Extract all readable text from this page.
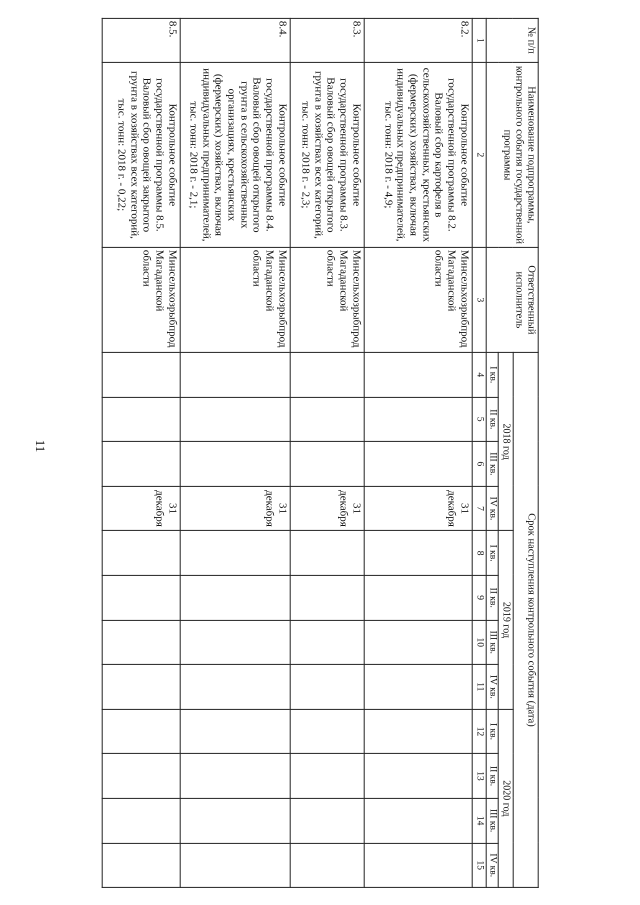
11
№ п/п	Наименование подпрограммы, контрольного события государственной программы	Ответственный исполнитель	Срок наступления контрольного события (дата)											
			2018 год				2019 год				2020 год			
			I кв.	II кв.	III кв.	IV кв.	I кв.	II кв.	III кв.	IV кв.	I кв.	II кв.	III кв.	IV кв.
1	2	3	4	5	6	7	8	9	10	11	12	13	14	15
8.2.	Контрольное событие государственной программы 8.2. Валовый сбор картофеля в сельскохозяйственных, крестьянских (фермерских) хозяйствах, включая индивидуальных предпринимателей, тыс. тонн: 2018 г. - 4,9;	Минсельхозрыбпрод Магаданской области				31 декабря								
8.3.	Контрольное событие государственной программы 8.3. Валовый сбор овощей открытого грунта в хозяйствах всех категорий, тыс. тонн: 2018 г. - 2,3;	Минсельхозрыбпрод Магаданской области				31 декабря								
8.4.	Контрольное событие государственной программы 8.4. Валовый сбор овощей открытого грунта в сельскохозяйственных организациях, крестьянских (фермерских) хозяйствах, включая индивидуальных предпринимателей, тыс. тонн: 2018 г. - 2,1;	Минсельхозрыбпрод Магаданской области				31 декабря								
8.5.	Контрольное событие государственной программы 8.5. Валовый сбор овощей закрытого грунта в хозяйствах всех категорий, тыс. тонн: 2018 г. - 0,22;	Минсельхозрыбпрод Магаданской области				31 декабря								
